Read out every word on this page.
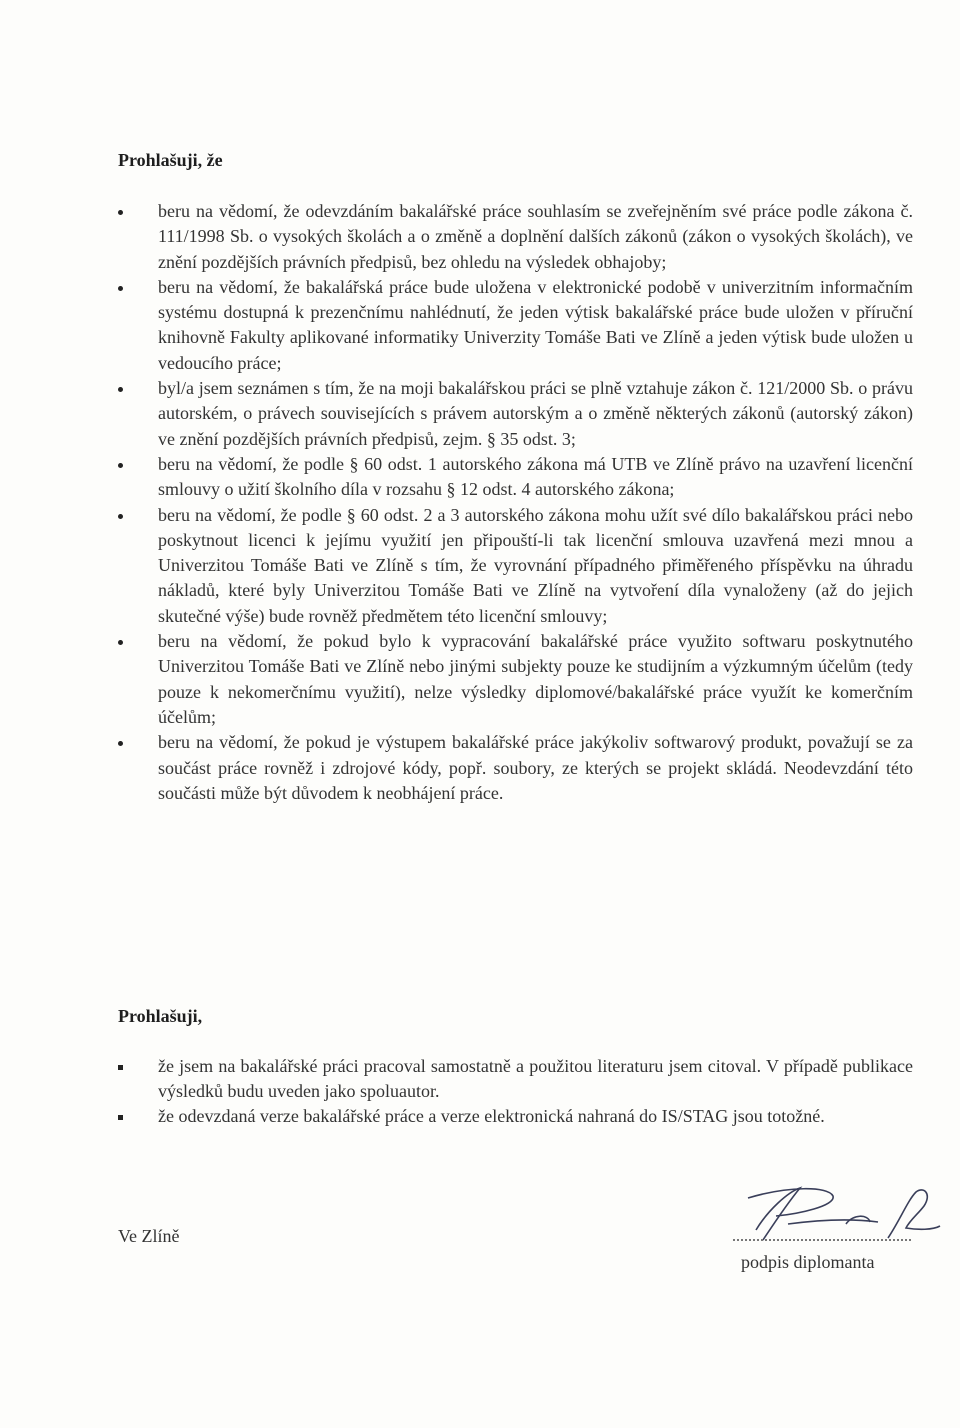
Prohlašuji, že
beru na vědomí, že odevzdáním bakalářské práce souhlasím se zveřejněním své práce podle zákona č. 111/1998 Sb. o vysokých školách a o změně a doplnění dalších zákonů (zákon o vysokých školách), ve znění pozdějších právních předpisů, bez ohledu na výsledek obhajoby;
beru na vědomí, že bakalářská práce bude uložena v elektronické podobě v univerzitním informačním systému dostupná k prezenčnímu nahlédnutí, že jeden výtisk bakalářské práce bude uložen v příruční knihovně Fakulty aplikované informatiky Univerzity Tomáše Bati ve Zlíně a jeden výtisk bude uložen u vedoucího práce;
byl/a jsem seznámen s tím, že na moji bakalářskou práci se plně vztahuje zákon č. 121/2000 Sb. o právu autorském, o právech souvisejících s právem autorským a o změně některých zákonů (autorský zákon) ve znění pozdějších právních předpisů, zejm. § 35 odst. 3;
beru na vědomí, že podle § 60 odst. 1 autorského zákona má UTB ve Zlíně právo na uzavření licenční smlouvy o užití školního díla v rozsahu § 12 odst. 4 autorského zákona;
beru na vědomí, že podle § 60 odst. 2 a 3 autorského zákona mohu užít své dílo bakalářskou práci nebo poskytnout licenci k jejímu využití jen připouští-li tak licenční smlouva uzavřená mezi mnou a Univerzitou Tomáše Bati ve Zlíně s tím, že vyrovnání případného přiměřeného příspěvku na úhradu nákladů, které byly Univerzitou Tomáše Bati ve Zlíně na vytvoření díla vynaloženy (až do jejich skutečné výše) bude rovněž předmětem této licenční smlouvy;
beru na vědomí, že pokud bylo k vypracování bakalářské práce využito softwaru poskytnutého Univerzitou Tomáše Bati ve Zlíně nebo jinými subjekty pouze ke studijním a výzkumným účelům (tedy pouze k nekomerčnímu využití), nelze výsledky diplomové/bakalářské práce využít ke komerčním účelům;
beru na vědomí, že pokud je výstupem bakalářské práce jakýkoliv softwarový produkt, považují se za součást práce rovněž i zdrojové kódy, popř. soubory, ze kterých se projekt skládá. Neodevzdání této součásti může být důvodem k neobhájení práce.
Prohlašuji,
že jsem na bakalářské práci pracoval samostatně a použitou literaturu jsem citoval. V případě publikace výsledků budu uveden jako spoluautor.
že odevzdaná verze bakalářské práce a verze elektronická nahraná do IS/STAG jsou totožné.
Ve Zlíně
podpis diplomanta
